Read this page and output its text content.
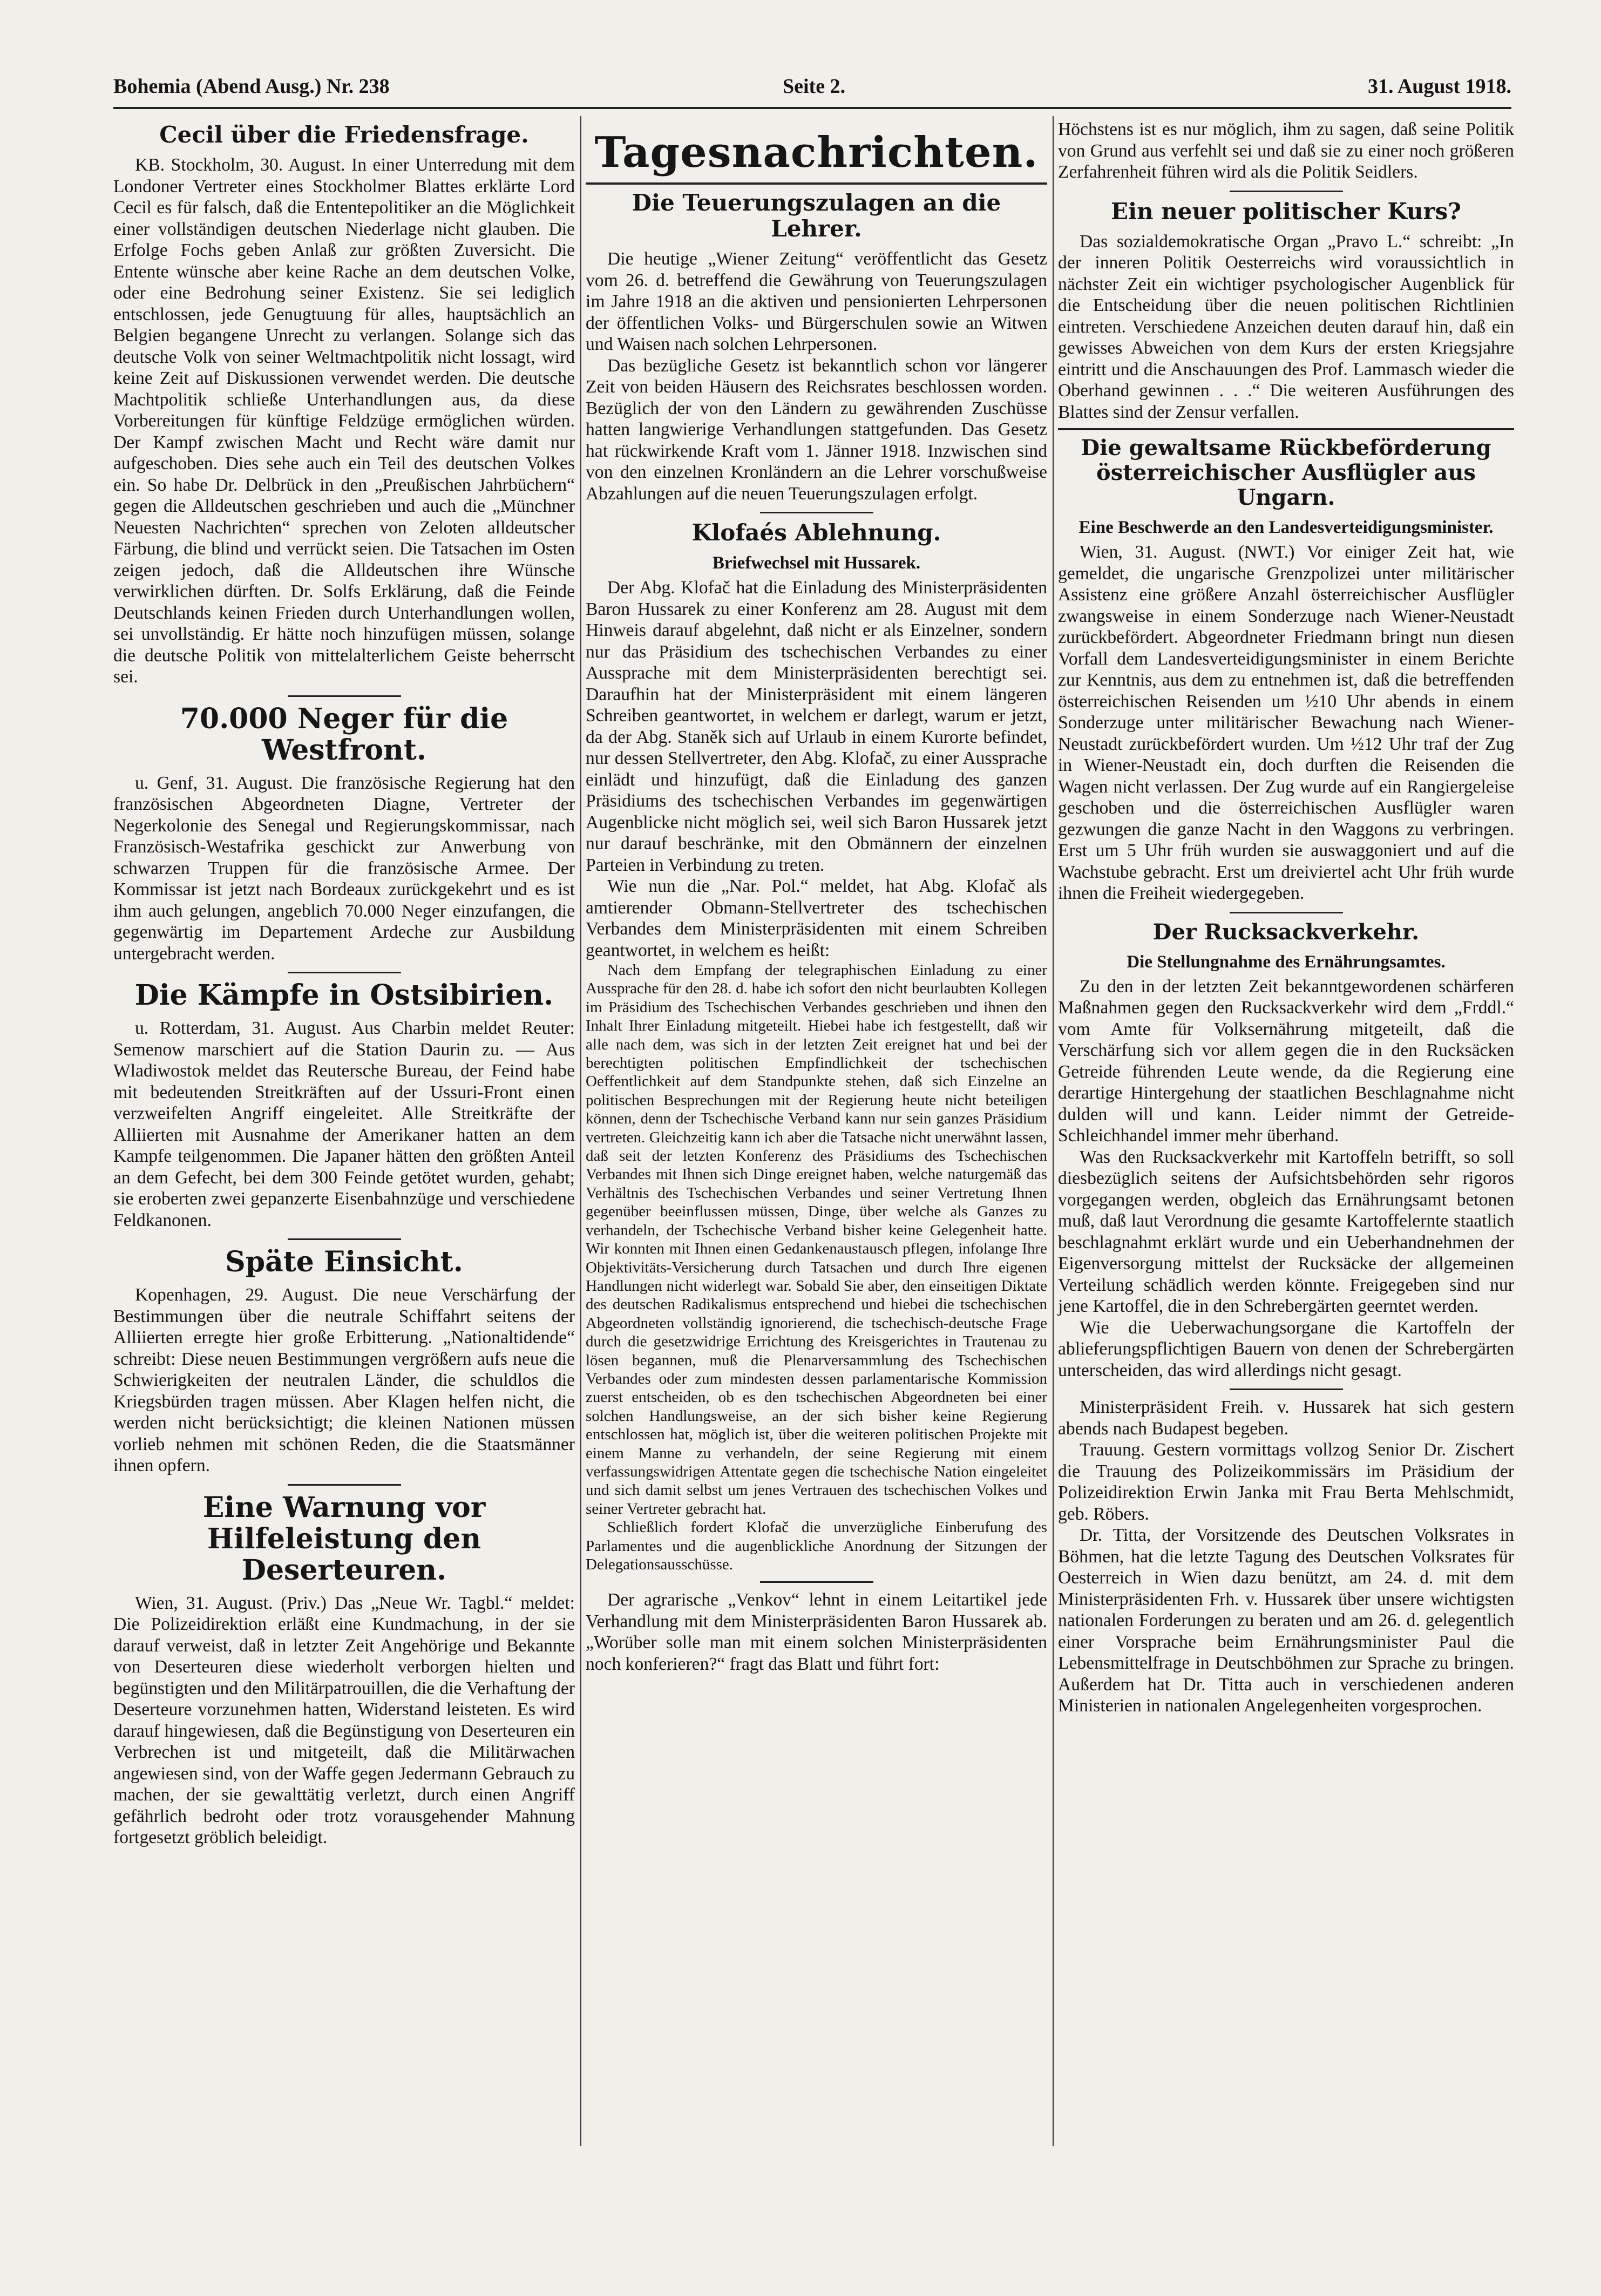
Bohemia (Abend Ausg.) Nr. 238	Seite 2.	31. August 1918.
Cecil über die Friedensfrage.

KB. Stockholm, 30. August. In einer Unterredung mit dem Londoner Vertreter eines Stockholmer Blattes erklärte Lord Cecil es für falsch, daß die Ententepolitiker an die Möglichkeit einer vollständigen deutschen Niederlage nicht glauben. Die Erfolge Fochs geben Anlaß zur größten Zuversicht. Die Entente wünsche aber keine Rache an dem deutschen Volke, oder eine Bedrohung seiner Existenz. Sie sei lediglich entschlossen, jede Genugtuung für alles, hauptsächlich an Belgien begangene Unrecht zu verlangen. Solange sich das deutsche Volk von seiner Weltmachtpolitik nicht lossagt, wird keine Zeit auf Diskussionen verwendet werden. Die deutsche Machtpolitik schließe Unterhandlungen aus, da diese Vorbereitungen für künftige Feldzüge ermöglichen würden. Der Kampf zwischen Macht und Recht wäre damit nur aufgeschoben. Dies sehe auch ein Teil des deutschen Volkes ein. So habe Dr. Delbrück in den „Preußischen Jahrbüchern“ gegen die Alldeutschen geschrieben und auch die „Münchner Neuesten Nachrichten“ sprechen von Zeloten alldeutscher Färbung, die blind und verrückt seien. Die Tatsachen im Osten zeigen jedoch, daß die Alldeutschen ihre Wünsche verwirklichen dürften. Dr. Solfs Erklärung, daß die Feinde Deutschlands keinen Frieden durch Unterhandlungen wollen, sei unvollständig. Er hätte noch hinzufügen müssen, solange die deutsche Politik von mittelalterlichem Geiste beherrscht sei.

70.000 Neger für die Westfront.

u. Genf, 31. August. Die französische Regierung hat den französischen Abgeordneten Diagne, Vertreter der Negerkolonie des Senegal und Regierungskommissar, nach Französisch-Westafrika geschickt zur Anwerbung von schwarzen Truppen für die französische Armee. Der Kommissar ist jetzt nach Bordeaux zurückgekehrt und es ist ihm auch gelungen, angeblich 70.000 Neger einzufangen, die gegenwärtig im Departement Ardeche zur Ausbildung untergebracht werden.

Die Kämpfe in Ostsibirien.

u. Rotterdam, 31. August. Aus Charbin meldet Reuter: Semenow marschiert auf die Station Daurin zu. — Aus Wladiwostok meldet das Reutersche Bureau, der Feind habe mit bedeutenden Streitkräften auf der Ussuri-Front einen verzweifelten Angriff eingeleitet. Alle Streitkräfte der Alliierten mit Ausnahme der Amerikaner hatten an dem Kampfe teilgenommen. Die Japaner hätten den größten Anteil an dem Gefecht, bei dem 300 Feinde getötet wurden, gehabt; sie eroberten zwei gepanzerte Eisenbahnzüge und verschiedene Feldkanonen.

Späte Einsicht.

Kopenhagen, 29. August. Die neue Verschärfung der Bestimmungen über die neutrale Schiffahrt seitens der Alliierten erregte hier große Erbitterung. „Nationaltidende“ schreibt: Diese neuen Bestimmungen vergrößern aufs neue die Schwierigkeiten der neutralen Länder, die schuldlos die Kriegsbürden tragen müssen. Aber Klagen helfen nicht, die werden nicht berücksichtigt; die kleinen Nationen müssen vorlieb nehmen mit schönen Reden, die die Staatsmänner ihnen opfern.

Eine Warnung vor Hilfeleistung den Deserteuren.

Wien, 31. August. (Priv.) Das „Neue Wr. Tagbl.“ meldet: Die Polizeidirektion erläßt eine Kundmachung, in der sie darauf verweist, daß in letzter Zeit Angehörige und Bekannte von Deserteuren diese wiederholt verborgen hielten und begünstigten und den Militärpatrouillen, die die Verhaftung der Deserteure vorzunehmen hatten, Widerstand leisteten. Es wird darauf hingewiesen, daß die Begünstigung von Deserteuren ein Verbrechen ist und mitgeteilt, daß die Militärwachen angewiesen sind, von der Waffe gegen Jedermann Gebrauch zu machen, der sie gewalttätig verletzt, durch einen Angriff gefährlich bedroht oder trotz vorausgehender Mahnung fortgesetzt gröblich beleidigt.

Tagesnachrichten.
Die Teuerungszulagen an die Lehrer.

Die heutige „Wiener Zeitung“ veröffentlicht das Gesetz vom 26. d. betreffend die Gewährung von Teuerungszulagen im Jahre 1918 an die aktiven und pensionierten Lehrpersonen der öffentlichen Volks- und Bürgerschulen sowie an Witwen und Waisen nach solchen Lehrpersonen.

Das bezügliche Gesetz ist bekanntlich schon vor längerer Zeit von beiden Häusern des Reichsrates beschlossen worden. Bezüglich der von den Ländern zu gewährenden Zuschüsse hatten langwierige Verhandlungen stattgefunden. Das Gesetz hat rückwirkende Kraft vom 1. Jänner 1918. Inzwischen sind von den einzelnen Kronländern an die Lehrer vorschußweise Abzahlungen auf die neuen Teuerungszulagen erfolgt.

Klofaés Ablehnung.
Briefwechsel mit Hussarek.

Der Abg. Klofač hat die Einladung des Ministerpräsidenten Baron Hussarek zu einer Konferenz am 28. August mit dem Hinweis darauf abgelehnt, daß nicht er als Einzelner, sondern nur das Präsidium des tschechischen Verbandes zu einer Aussprache mit dem Ministerpräsidenten berechtigt sei. Daraufhin hat der Ministerpräsident mit einem längeren Schreiben geantwortet, in welchem er darlegt, warum er jetzt, da der Abg. Staněk sich auf Urlaub in einem Kurorte befindet, nur dessen Stellvertreter, den Abg. Klofač, zu einer Aussprache einlädt und hinzufügt, daß die Einladung des ganzen Präsidiums des tschechischen Verbandes im gegenwärtigen Augenblicke nicht möglich sei, weil sich Baron Hussarek jetzt nur darauf beschränke, mit den Obmännern der einzelnen Parteien in Verbindung zu treten.

Wie nun die „Nar. Pol.“ meldet, hat Abg. Klofač als amtierender Obmann-Stellvertreter des tschechischen Verbandes dem Ministerpräsidenten mit einem Schreiben geantwortet, in welchem es heißt:

Nach dem Empfang der telegraphischen Einladung zu einer Aussprache für den 28. d. habe ich sofort den nicht beurlaubten Kollegen im Präsidium des Tschechischen Verbandes geschrieben und ihnen den Inhalt Ihrer Einladung mitgeteilt. Hiebei habe ich festgestellt, daß wir alle nach dem, was sich in der letzten Zeit ereignet hat und bei der berechtigten politischen Empfindlichkeit der tschechischen Oeffentlichkeit auf dem Standpunkte stehen, daß sich Einzelne an politischen Besprechungen mit der Regierung heute nicht beteiligen können, denn der Tschechische Verband kann nur sein ganzes Präsidium vertreten. Gleichzeitig kann ich aber die Tatsache nicht unerwähnt lassen, daß seit der letzten Konferenz des Präsidiums des Tschechischen Verbandes mit Ihnen sich Dinge ereignet haben, welche naturgemäß das Verhältnis des Tschechischen Verbandes und seiner Vertretung Ihnen gegenüber beeinflussen müssen, Dinge, über welche als Ganzes zu verhandeln, der Tschechische Verband bisher keine Gelegenheit hatte. Wir konnten mit Ihnen einen Gedankenaustausch pflegen, infolange Ihre Objektivitäts-Versicherung durch Tatsachen und durch Ihre eigenen Handlungen nicht widerlegt war. Sobald Sie aber, den einseitigen Diktate des deutschen Radikalismus entsprechend und hiebei die tschechischen Abgeordneten vollständig ignorierend, die tschechisch-deutsche Frage durch die gesetzwidrige Errichtung des Kreisgerichtes in Trautenau zu lösen begannen, muß die Plenarversammlung des Tschechischen Verbandes oder zum mindesten dessen parlamentarische Kommission zuerst entscheiden, ob es den tschechischen Abgeordneten bei einer solchen Handlungsweise, an der sich bisher keine Regierung entschlossen hat, möglich ist, über die weiteren politischen Projekte mit einem Manne zu verhandeln, der seine Regierung mit einem verfassungswidrigen Attentate gegen die tschechische Nation eingeleitet und sich damit selbst um jenes Vertrauen des tschechischen Volkes und seiner Vertreter gebracht hat.

Schließlich fordert Klofač die unverzügliche Einberufung des Parlamentes und die augenblickliche Anordnung der Sitzungen der Delegationsausschüsse.

Der agrarische „Venkov“ lehnt in einem Leitartikel jede Verhandlung mit dem Ministerpräsidenten Baron Hussarek ab. „Worüber solle man mit einem solchen Ministerpräsidenten noch konferieren?“ fragt das Blatt und führt fort:

Höchstens ist es nur möglich, ihm zu sagen, daß seine Politik von Grund aus verfehlt sei und daß sie zu einer noch größeren Zerfahrenheit führen wird als die Politik Seidlers.

Ein neuer politischer Kurs?

Das sozialdemokratische Organ „Pravo L.“ schreibt: „In der inneren Politik Oesterreichs wird voraussichtlich in nächster Zeit ein wichtiger psychologischer Augenblick für die Entscheidung über die neuen politischen Richtlinien eintreten. Verschiedene Anzeichen deuten darauf hin, daß ein gewisses Abweichen von dem Kurs der ersten Kriegsjahre eintritt und die Anschauungen des Prof. Lammasch wieder die Oberhand gewinnen . . .“ Die weiteren Ausführungen des Blattes sind der Zensur verfallen.

Die gewaltsame Rückbeförderung österreichischer Ausflügler aus Ungarn.
Eine Beschwerde an den Landesverteidigungsminister.

Wien, 31. August. (NWT.) Vor einiger Zeit hat, wie gemeldet, die ungarische Grenzpolizei unter militärischer Assistenz eine größere Anzahl österreichischer Ausflügler zwangsweise in einem Sonderzuge nach Wiener-Neustadt zurückbefördert. Abgeordneter Friedmann bringt nun diesen Vorfall dem Landesverteidigungsminister in einem Berichte zur Kenntnis, aus dem zu entnehmen ist, daß die betreffenden österreichischen Reisenden um ½10 Uhr abends in einem Sonderzuge unter militärischer Bewachung nach Wiener-Neustadt zurückbefördert wurden. Um ½12 Uhr traf der Zug in Wiener-Neustadt ein, doch durften die Reisenden die Wagen nicht verlassen. Der Zug wurde auf ein Rangiergeleise geschoben und die österreichischen Ausflügler waren gezwungen die ganze Nacht in den Waggons zu verbringen. Erst um 5 Uhr früh wurden sie auswaggoniert und auf die Wachstube gebracht. Erst um dreiviertel acht Uhr früh wurde ihnen die Freiheit wiedergegeben.

Der Rucksackverkehr.
Die Stellungnahme des Ernährungsamtes.

Zu den in der letzten Zeit bekanntgewordenen schärferen Maßnahmen gegen den Rucksackverkehr wird dem „Frddl.“ vom Amte für Volksernährung mitgeteilt, daß die Verschärfung sich vor allem gegen die in den Rucksäcken Getreide führenden Leute wende, da die Regierung eine derartige Hintergehung der staatlichen Beschlagnahme nicht dulden will und kann. Leider nimmt der Getreide-Schleichhandel immer mehr überhand.

Was den Rucksackverkehr mit Kartoffeln betrifft, so soll diesbezüglich seitens der Aufsichtsbehörden sehr rigoros vorgegangen werden, obgleich das Ernährungsamt betonen muß, daß laut Verordnung die gesamte Kartoffelernte staatlich beschlagnahmt erklärt wurde und ein Ueberhandnehmen der Eigenversorgung mittelst der Rucksäcke der allgemeinen Verteilung schädlich werden könnte. Freigegeben sind nur jene Kartoffel, die in den Schrebergärten geerntet werden.

Wie die Ueberwachungsorgane die Kartoffeln der ablieferungspflichtigen Bauern von denen der Schrebergärten unterscheiden, das wird allerdings nicht gesagt.

Ministerpräsident Freih. v. Hussarek hat sich gestern abends nach Budapest begeben.

Trauung. Gestern vormittags vollzog Senior Dr. Zischert die Trauung des Polizeikommissärs im Präsidium der Polizeidirektion Erwin Janka mit Frau Berta Mehlschmidt, geb. Röbers.

Dr. Titta, der Vorsitzende des Deutschen Volksrates in Böhmen, hat die letzte Tagung des Deutschen Volksrates für Oesterreich in Wien dazu benützt, am 24. d. mit dem Ministerpräsidenten Frh. v. Hussarek über unsere wichtigsten nationalen Forderungen zu beraten und am 26. d. gelegentlich einer Vorsprache beim Ernährungsminister Paul die Lebensmittelfrage in Deutschböhmen zur Sprache zu bringen. Außerdem hat Dr. Titta auch in verschiedenen anderen Ministerien in nationalen Angelegenheiten vorgesprochen.
